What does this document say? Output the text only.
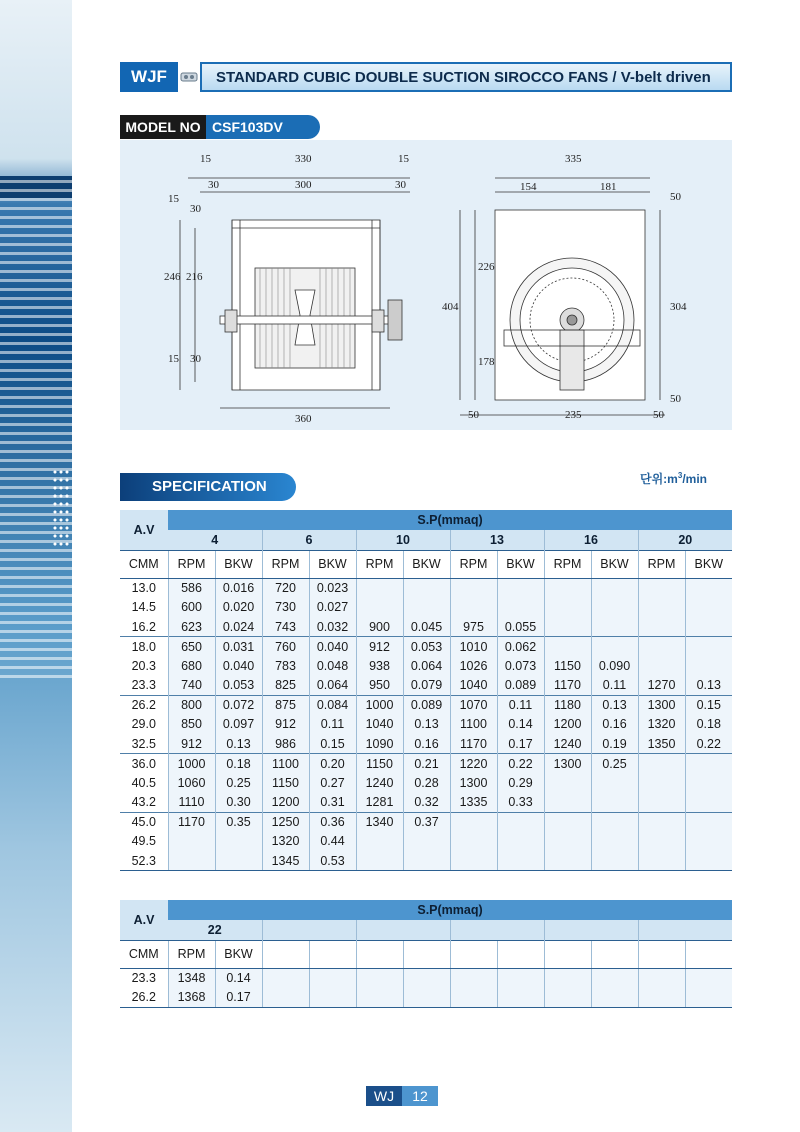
WJF	STANDARD CUBIC DOUBLE SUCTION SIROCCO FANS / V-belt driven
MODEL NO CSF103DV
15	330	15
30	300	30
15
30
246 216
15 30
360
335
154	181
50
226
404	304
178
50
50	235	50
SPECIFICATION	단위$:m^3/\min$
A.V	S.P(mmaq)											
	4		6		10		13		16		20	
CMM	RPM	BKW	RPM	BKW	RPM	BKW	RPM	BKW	RPM	BKW	RPM	BKW
13.0	586	0.016	720	0.023								
14.5	600	0.020	730	0.027								
16.2	623	0.024	743	0.032	900	0.045	975	0.055				
18.0	650	0.031	760	0.040	912	0.053	1010	0.062				
20.3	680	0.040	783	0.048	938	0.064	1026	0.073	1150	0.090		
23.3	740	0.053	825	0.064	950	0.079	1040	0.089	1170	0.11	1270	0.13
26.2	800	0.072	875	0.084	1000	0.089	1070	0.11	1180	0.13	1300	0.15
29.0	850	0.097	912	0.11	1040	0.13	1100	0.14	1200	0.16	1320	0.18
32.5	912	0.13	986	0.15	1090	0.16	1170	0.17	1240	0.19	1350	0.22
36.0	1000	0.18	1100	0.20	1150	0.21	1220	0.22	1300	0.25		
40.5	1060	0.25	1150	0.27	1240	0.28	1300	0.29				
43.2	1110	0.30	1200	0.31	1281	0.32	1335	0.33				
45.0	1170	0.35	1250	0.36	1340	0.37						
49.5			1320	0.44								
52.3			1345	0.53								
A.V	S.P(mmaq)											
	22											
CMM	RPM	BKW										
23.3	1348	0.14										
26.2	1368	0.17										
WJ	12
